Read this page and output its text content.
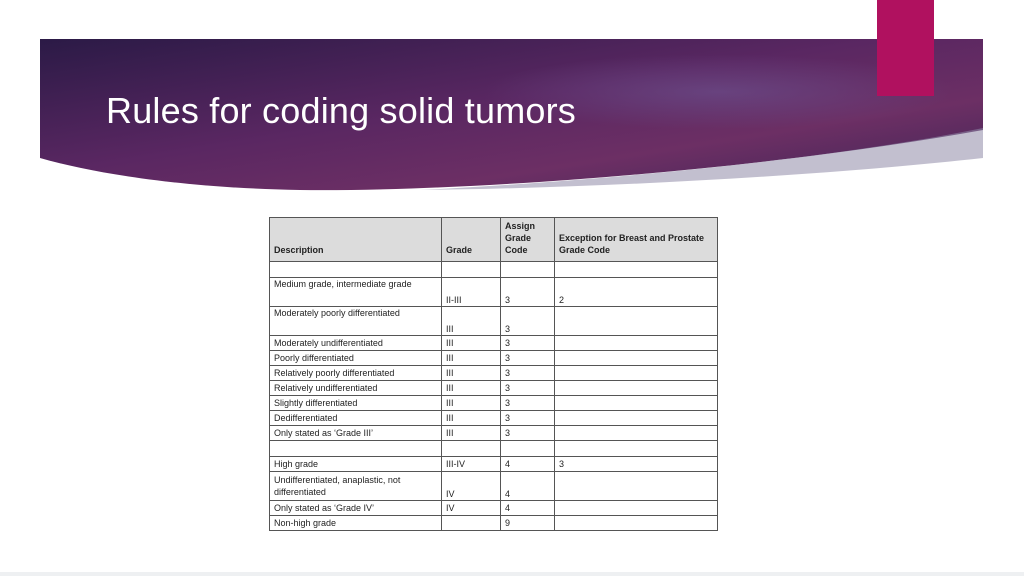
Rules for coding solid tumors
Description	Grade	Assign Grade Code	Exception for Breast and Prostate Grade Code

Medium grade, intermediate grade	II-III	3	2
Moderately poorly differentiated	III	3	
Moderately undifferentiated	III	3	
Poorly differentiated	III	3	
Relatively poorly differentiated	III	3	
Relatively undifferentiated	III	3	
Slightly differentiated	III	3	
Dedifferentiated	III	3	
Only stated as ‘Grade III’	III	3	

High grade	III-IV	4	3
Undifferentiated, anaplastic, not differentiated	IV	4	
Only stated as ‘Grade IV’	IV	4	
Non-high grade		9	
